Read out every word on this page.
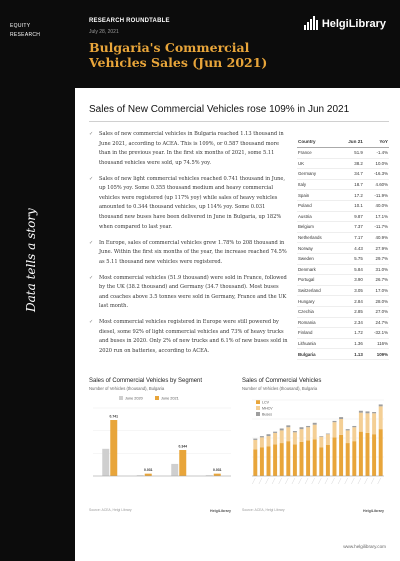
EQUITY
RESEARCH
Data tells a story
RESEARCH ROUNDTABLE
July 28, 2021
Bulgaria's Commercial Vehicles Sales (Jun 2021)
HelgiLibrary
Sales of New Commercial Vehicles rose 109% in Jun 2021
✓ Sales of new commercial vehicles in Bulgaria reached 1.13 thousand in June 2021, according to ACEA. This is 109%, or 0.587 thousand more than in the previous year. In the first six months of 2021, some 5.11 thousand vehicles were sold, up 74.5% yoy.
✓ Sales of new light commercial vehicles reached 0.741 thousand in June, up 105% yoy. Some 0.355 thousand medium and heavy commercial vehicles were registered (up 117% yoy) while sales of heavy vehicles amounted to 0.344 thousand vehicles, up 114% yoy. Some 0.031 thousand new buses have been delivered in June in Bulgaria, up 182% when compared to last year.
✓ In Europe, sales of commercial vehicles grew 1.78% to 208 thousand in June. Within the first six months of the year, the increase reached 74.5% as 5.11 thousand new vehicles were registered.
✓ Most commercial vehicles (51.9 thousand) were sold in France, followed by the UK (38.2 thousand) and Germany (34.7 thousand). Most buses and coaches above 3.5 tonnes were sold in Germany, France and the UK last month.
✓ Most commercial vehicles registered in Europe were still powered by diesel, some 92% of light commercial vehicles and 73% of heavy trucks and buses in 2020. Only 2% of new trucks and 6.1% of new buses sold in 2020 run on batteries, according to ACEA.
Country	Jun 21	YoY
France	51.9	-1.4%
UK	38.2	10.0%
Germany	34.7	-16.3%
Italy	18.7	4.60%
Spain	17.2	-11.9%
Poland	10.1	40.0%
Austria	9.87	17.1%
Belgium	7.37	-11.7%
Netherlands	7.17	40.9%
Norway	4.43	27.9%
Sweden	5.75	29.7%
Denmark	5.84	31.0%
Portugal	3.90	26.7%
Switzerland	3.05	17.0%
Hungary	2.84	28.0%
Czechia	2.85	27.0%
Romania	2.34	24.7%
Finland	1.72	-32.1%
Lithuania	1.36	116%
Bulgaria	1.13	109%
Sales of Commercial Vehicles by Segment
Number of Vehicles (thousand), Bulgaria
June 2020	June 2021
0.741
0.031
0.344
0.031
Source: ACEA, Helgi Library	HelgiLibrary
Sales of Commercial Vehicles
Number of Vehicles (thousand), Bulgaria
LCV
MHCV
Buses
Source: ACEA, Helgi Library	HelgiLibrary
www.helgilibrary.com
